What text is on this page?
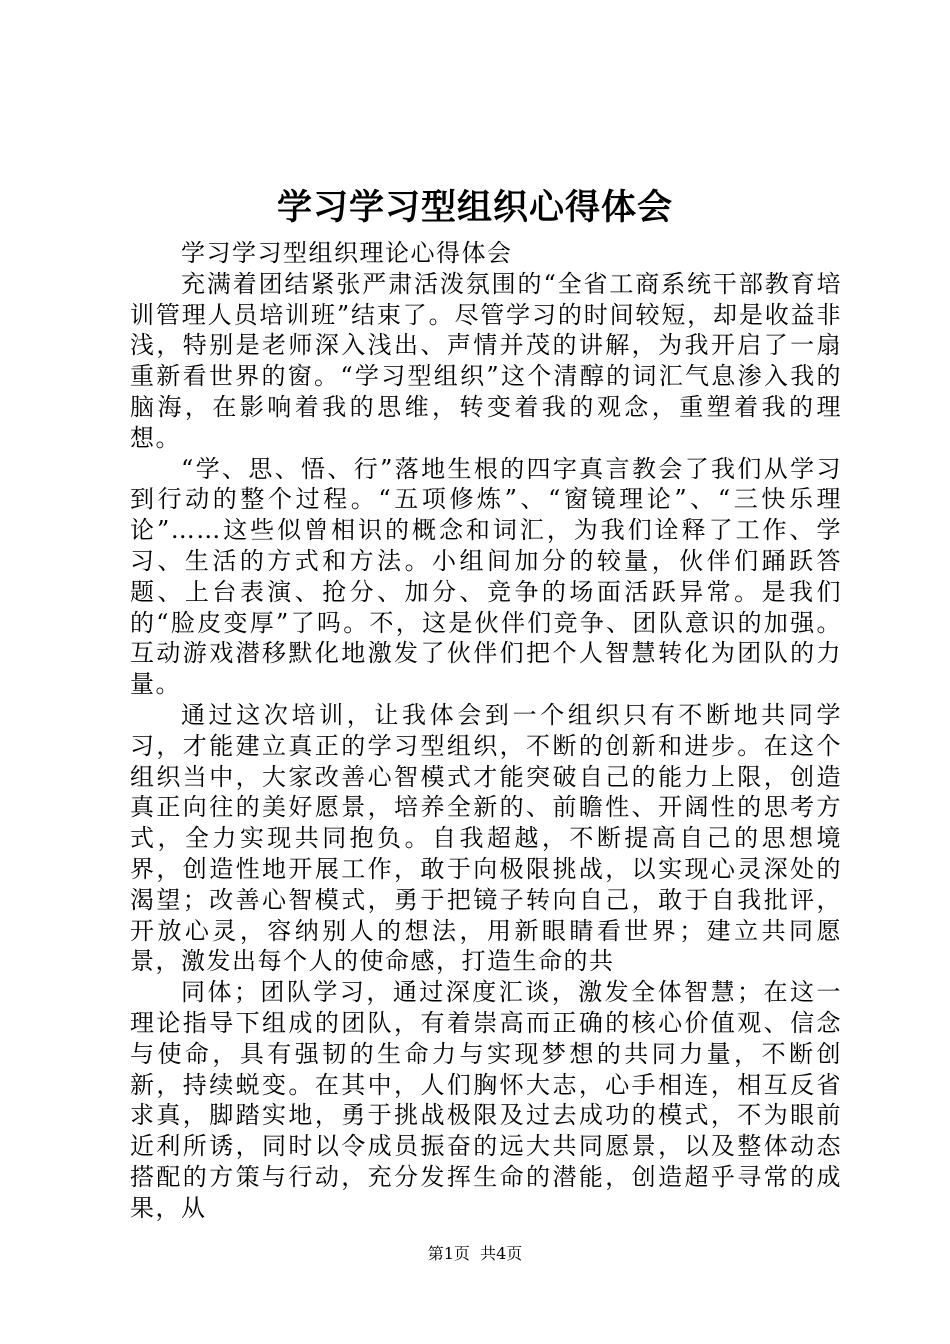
学习学习型组织心得体会

学习学习型组织理论心得体会

充满着团结紧张严肃活泼氛围的“全省工商系统干部教育培训管理人员培训班”结束了。尽管学习的时间较短，却是收益非浅，特别是老师深入浅出、声情并茂的讲解，为我开启了一扇重新看世界的窗。“学习型组织”这个清醇的词汇气息渗入我的脑海，在影响着我的思维，转变着我的观念，重塑着我的理想。

“学、思、悟、行”落地生根的四字真言教会了我们从学习到行动的整个过程。“五项修炼”、“窗镜理论”、“三快乐理论”……这些似曾相识的概念和词汇，为我们诠释了工作、学习、生活的方式和方法。小组间加分的较量，伙伴们踊跃答题、上台表演、抢分、加分、竞争的场面活跃异常。是我们的“脸皮变厚”了吗。不，这是伙伴们竞争、团队意识的加强。互动游戏潜移默化地激发了伙伴们把个人智慧转化为团队的力量。

通过这次培训，让我体会到一个组织只有不断地共同学习，才能建立真正的学习型组织，不断的创新和进步。在这个组织当中，大家改善心智模式才能突破自己的能力上限，创造真正向往的美好愿景，培养全新的、前瞻性、开阔性的思考方式，全力实现共同抱负。自我超越，不断提高自己的思想境界，创造性地开展工作，敢于向极限挑战，以实现心灵深处的渴望；改善心智模式，勇于把镜子转向自己，敢于自我批评，开放心灵，容纳别人的想法，用新眼睛看世界；建立共同愿景，激发出每个人的使命感，打造生命的共

同体；团队学习，通过深度汇谈，激发全体智慧；在这一理论指导下组成的团队，有着崇高而正确的核心价值观、信念与使命，具有强韧的生命力与实现梦想的共同力量，不断创新，持续蜕变。在其中，人们胸怀大志，心手相连，相互反省求真，脚踏实地，勇于挑战极限及过去成功的模式，不为眼前近利所诱，同时以令成员振奋的远大共同愿景，以及整体动态搭配的方策与行动，充分发挥生命的潜能，创造超乎寻常的成果，从

第1页 共4页
